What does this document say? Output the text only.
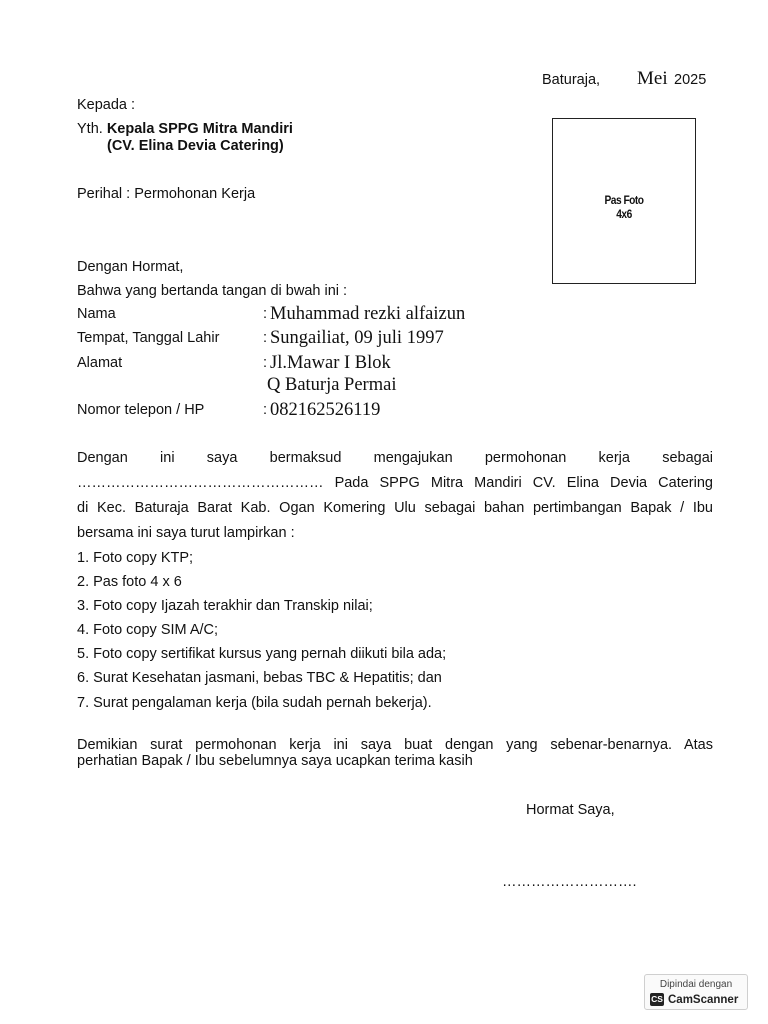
Baturaja, Mei 2025
Kepada :
Yth. Kepala SPPG Mitra Mandiri
(CV. Elina Devia Catering)
Perihal : Permohonan Kerja	Pas Foto
4x6
Dengan Hormat,
Bahwa yang bertanda tangan di bwah ini :
Nama	: Muhammad rezki alfaizun
Tempat, Tanggal Lahir	: Sungailiat, 09 juli 1997
Alamat	: Jl.Mawar I Blok
Q Baturja Permai
Nomor telepon / HP	: 082162526119
Dengan ini saya bermaksud mengajukan permohonan kerja sebagai
…………………………………………… Pada SPPG Mitra Mandiri CV. Elina Devia Catering
di Kec. Baturaja Barat Kab. Ogan Komering Ulu sebagai bahan pertimbangan Bapak / Ibu
bersama ini saya turut lampirkan :
1. Foto copy KTP;
2. Pas foto 4 x 6
3. Foto copy Ijazah terakhir dan Transkip nilai;
4. Foto copy SIM A/C;
5. Foto copy sertifikat kursus yang pernah diikuti bila ada;
6. Surat Kesehatan jasmani, bebas TBC & Hepatitis; dan
7. Surat pengalaman kerja (bila sudah pernah bekerja).
Demikian surat permohonan kerja ini saya buat dengan yang sebenar-benarnya. Atas
perhatian Bapak / Ibu sebelumnya saya ucapkan terima kasih
Hormat Saya,
……………………….
Dipindai dengan
CS CamScanner
